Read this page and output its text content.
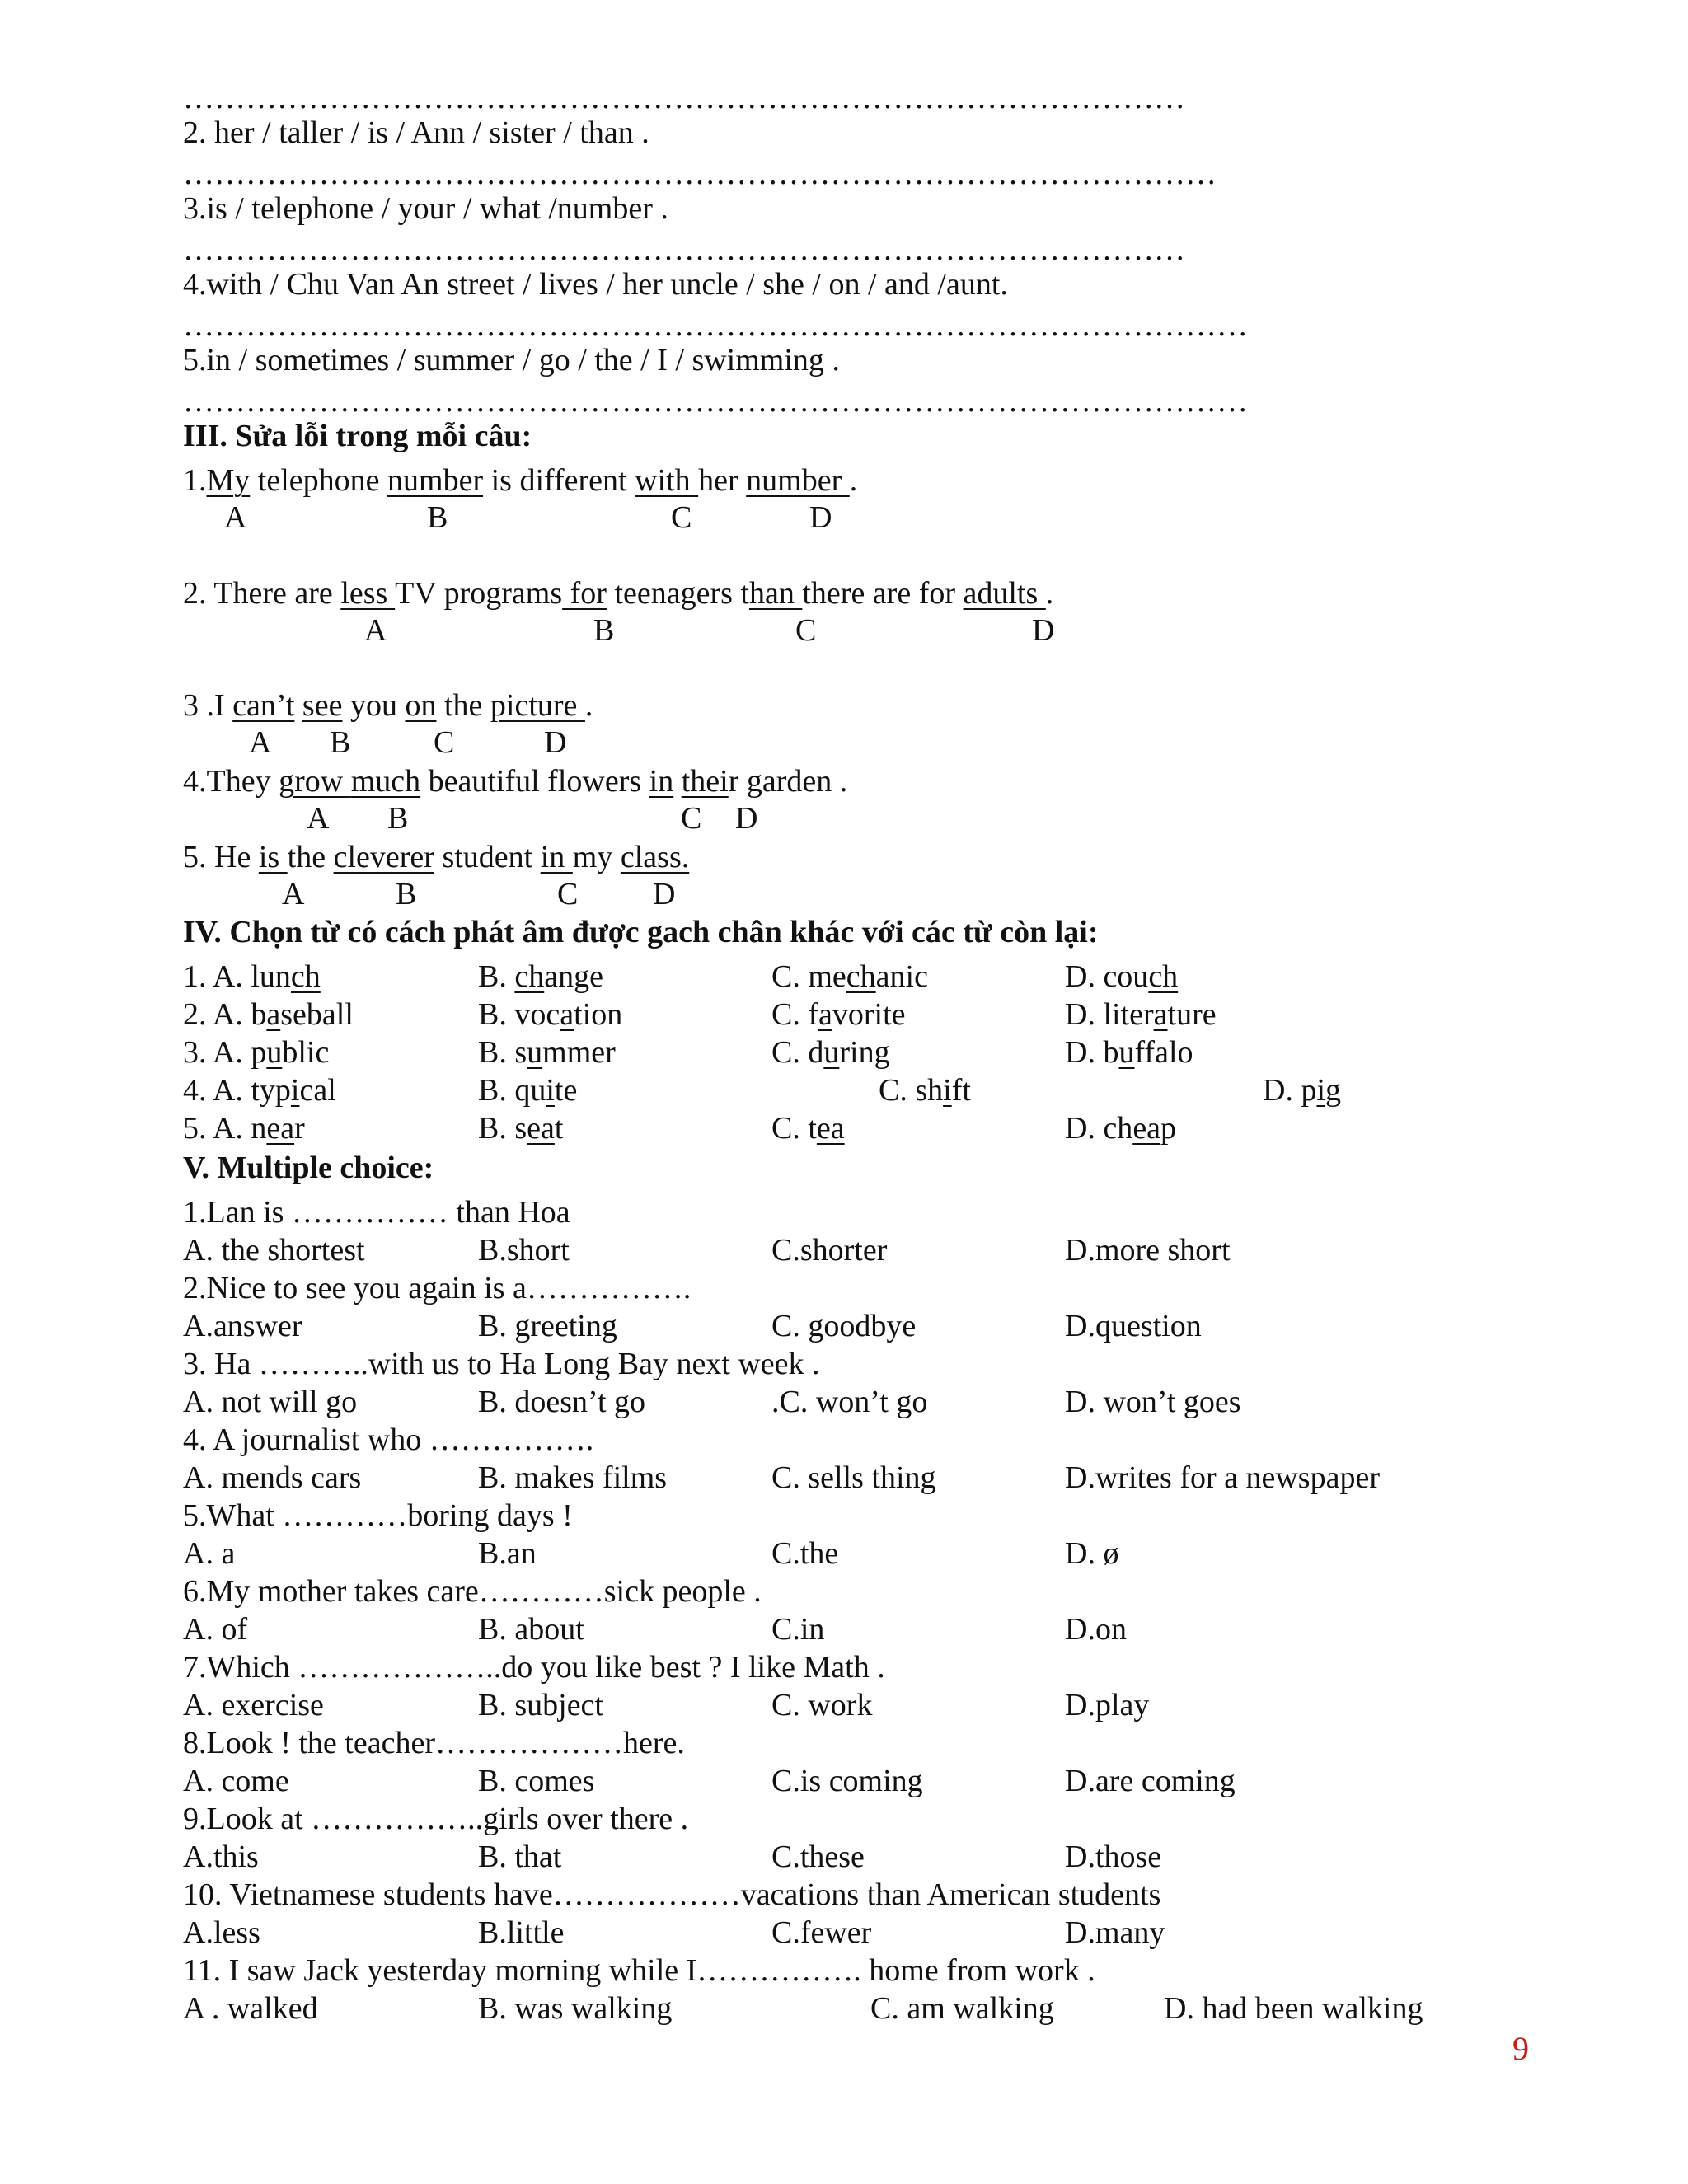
……………………………………………………………………………………
2. her / taller / is / Ann / sister / than .
………………………………………………………………………………………
3.is / telephone / your / what /number .
……………………………………………………………………………………
4.with / Chu Van An street / lives / her uncle / she / on / and /aunt.
…………………………………………………………………………………………
5.in / sometimes / summer / go / the / I / swimming .
…………………………………………………………………………………………
III. Sửa lỗi trong mỗi câu:
1.My telephone number is different with her number .
A	B	C	D
2. There are less TV programs for teenagers than there are for adults .
A	B	C	D
3 .I can’t see you on the picture .
A B	C	D
4.They grow much beautiful flowers in their garden .
A B	C D
5. He is the cleverer student in my class.
A	B	C D
IV. Chọn từ có cách phát âm được gach chân khác với các từ còn lại:
1. A. lunch	B. change	C. mechanic	D. couch
2. A. baseball	B. vocation	C. favorite	D. literature
3. A. public	B. summer	C. during	D. buffalo
4. A. typical	B. quite	C. shift	D. pig
5. A. near	B. seat	C. tea	D. cheap
V. Multiple choice:
1.Lan is …………… than Hoa
A. the shortest	B.short	C.shorter	D.more short
2.Nice to see you again is a…………….
A.answer	B. greeting	C. goodbye	D.question
3. Ha ………..with us to Ha Long Bay next week .
A. not will go	B. doesn’t go	.C. won’t go	D. won’t goes
4. A journalist who …………….
A. mends cars	B. makes films	C. sells thing	D.writes for a newspaper
5.What …………boring days !
A. a	B.an	C.the	D. ø
6.My mother takes care…………sick people .
A. of	B. about	C.in	D.on
7.Which ………………..do you like best ? I like Math .
A. exercise	B. subject	C. work	D.play
8.Look ! the teacher………………here.
A. come	B. comes	C.is coming	D.are coming
9.Look at ……………..girls over there .
A.this	B. that	C.these	D.those
10. Vietnamese students have………………vacations than American students
A.less	B.little	C.fewer	D.many
11. I saw Jack yesterday morning while I……………. home from work .
A . walked	B. was walking	C. am walking	D. had been walking
9
